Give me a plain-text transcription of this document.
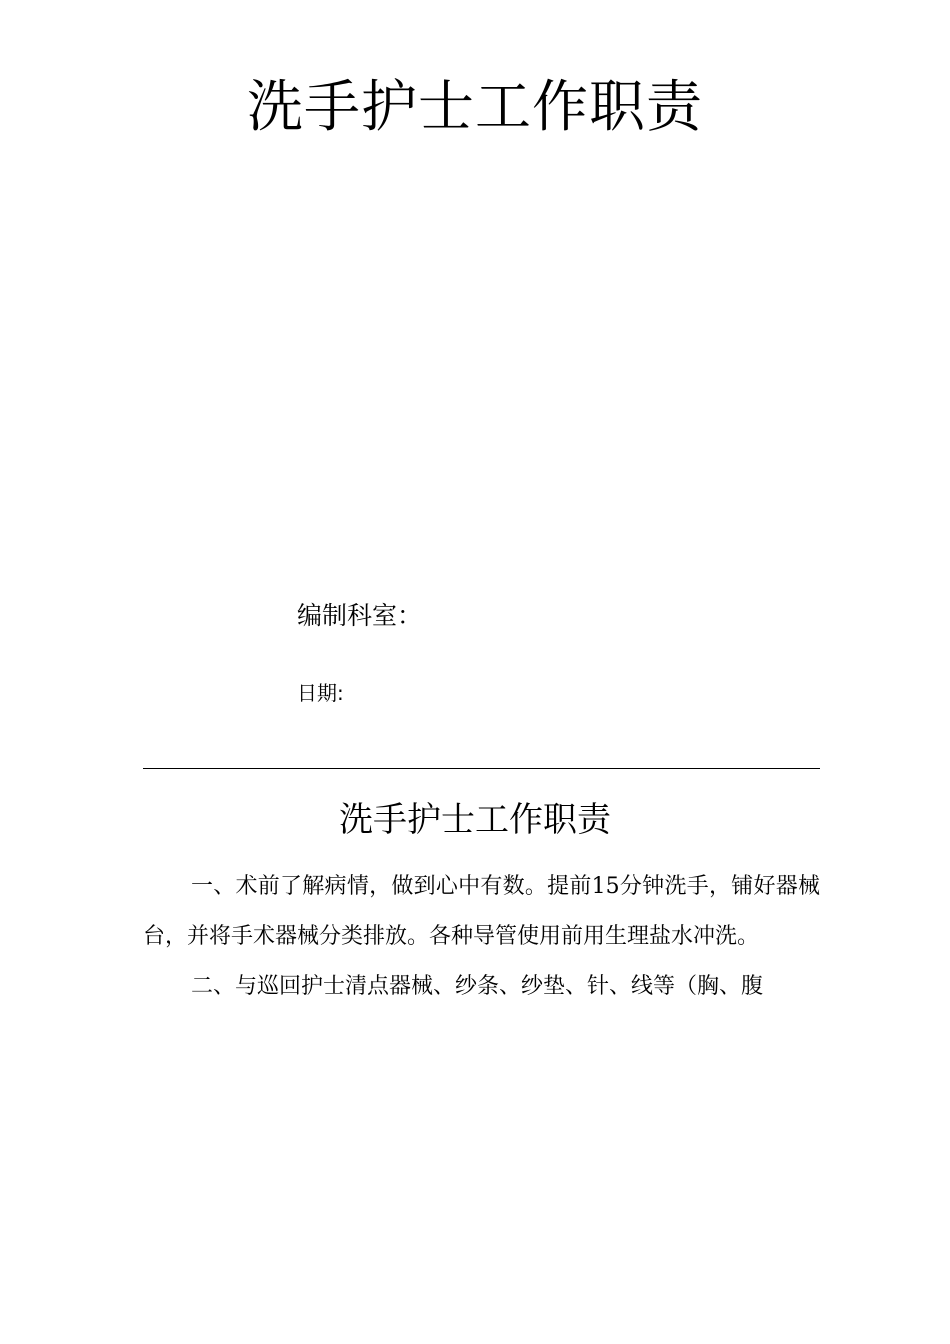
洗手护士工作职责
编制科室：
日期:
洗手护士工作职责

一、术前了解病情，做到心中有数。提前15分钟洗手，铺好器械台，并将手术器械分类排放。各种导管使用前用生理盐水冲洗。

二、与巡回护士清点器械、纱条、纱垫、针、线等（胸、腹
